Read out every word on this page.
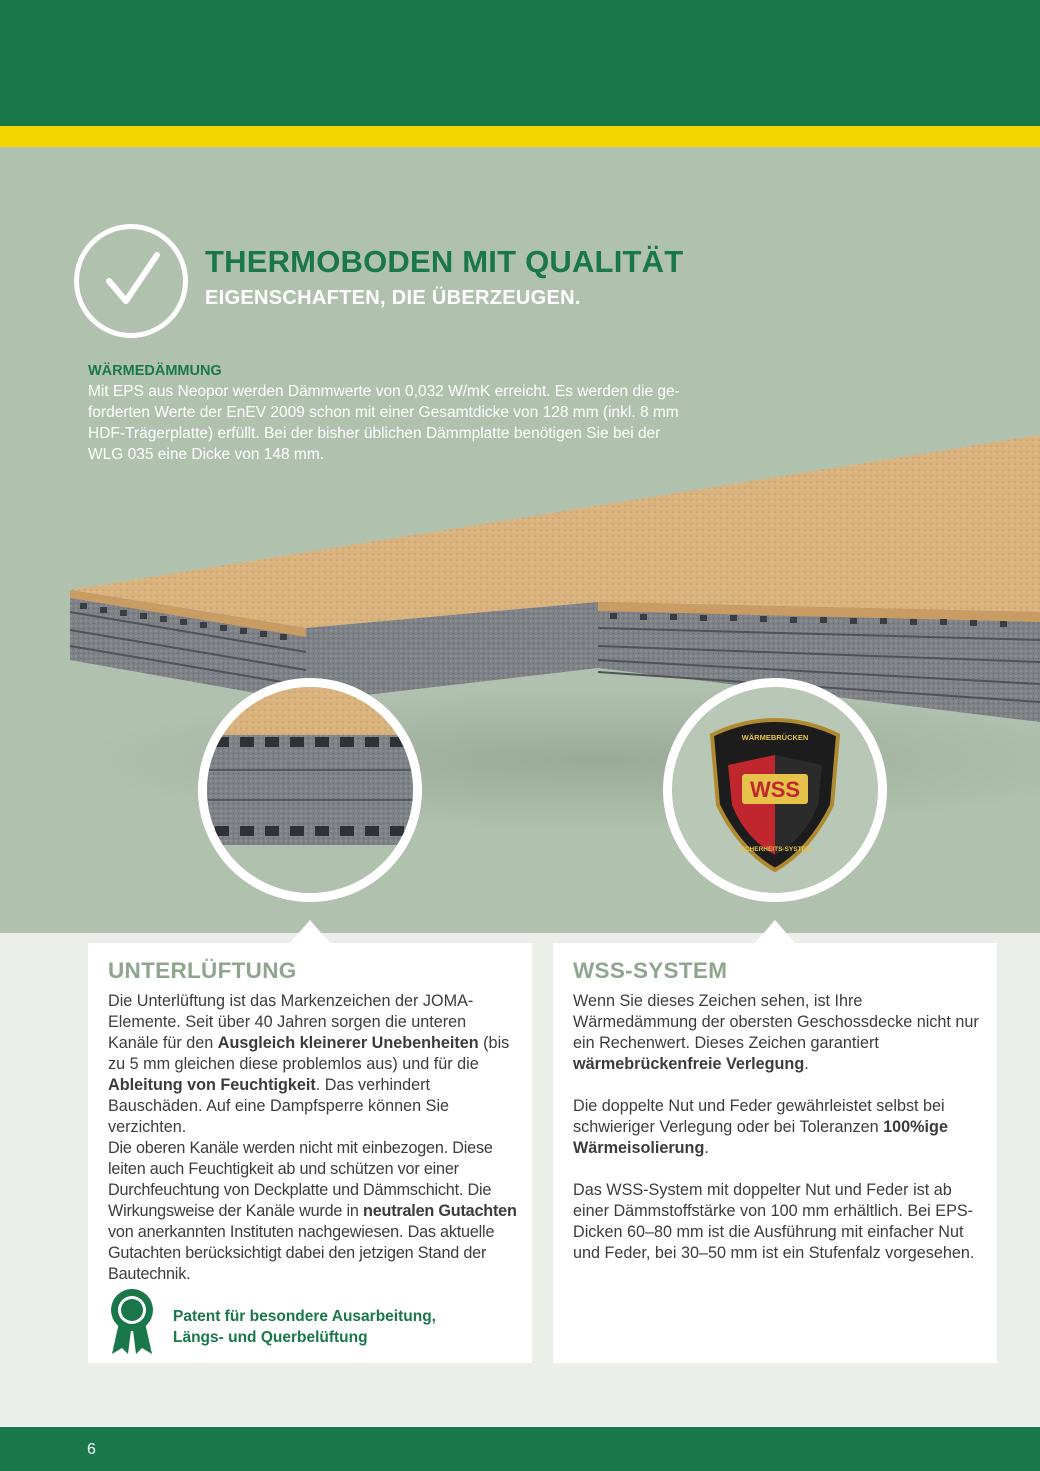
WSS
WÄRMEBRÜCKEN
SICHERHEITS-SYSTEM
THERMOBODEN MIT QUALITÄT
EIGENSCHAFTEN, DIE ÜBERZEUGEN.
WÄRMEDÄMMUNG
Mit EPS aus Neopor werden Dämmwerte von 0,032 W/mK erreicht. Es werden die ge-
forderten Werte der EnEV 2009 schon mit einer Gesamtdicke von 128 mm (inkl. 8 mm
HDF-Trägerplatte) erfüllt. Bei der bisher üblichen Dämmplatte benötigen Sie bei der
WLG 035 eine Dicke von 148 mm.
UNTERLÜFTUNG

Die Unterlüftung ist das Markenzeichen der JOMA-Elemente. Seit über 40 Jahren sorgen die unteren Kanäle für den Ausgleich kleinerer Unebenheiten (bis zu 5 mm gleichen diese problemlos aus) und für die Ableitung von Feuchtigkeit. Das verhindert Bauschäden. Auf eine Dampfsperre können Sie verzichten.

Die oberen Kanäle werden nicht mit einbezogen. Diese leiten auch Feuchtigkeit ab und schützen vor einer Durchfeuchtung von Deckplatte und Dämmschicht. Die Wirkungsweise der Kanäle wurde in neutralen Gutachten von anerkannten Instituten nachgewiesen. Das aktuelle Gutachten berücksichtigt dabei den jetzigen Stand der Bautechnik.

Patent für besondere Ausarbeitung,
Längs- und Querbelüftung
WSS-SYSTEM

Wenn Sie dieses Zeichen sehen, ist Ihre Wärmedämmung der obersten Geschossdecke nicht nur ein Rechenwert. Dieses Zeichen garantiert wärmebrückenfreie Verlegung.

Die doppelte Nut und Feder gewährleistet selbst bei schwieriger Verlegung oder bei Toleranzen 100%ige Wärmeisolierung.

Das WSS-System mit doppelter Nut und Feder ist ab einer Dämmstoffstärke von 100 mm erhältlich. Bei EPS-Dicken 60–80 mm ist die Ausführung mit einfacher Nut und Feder, bei 30–50 mm ist ein Stufenfalz vorgesehen.

6
